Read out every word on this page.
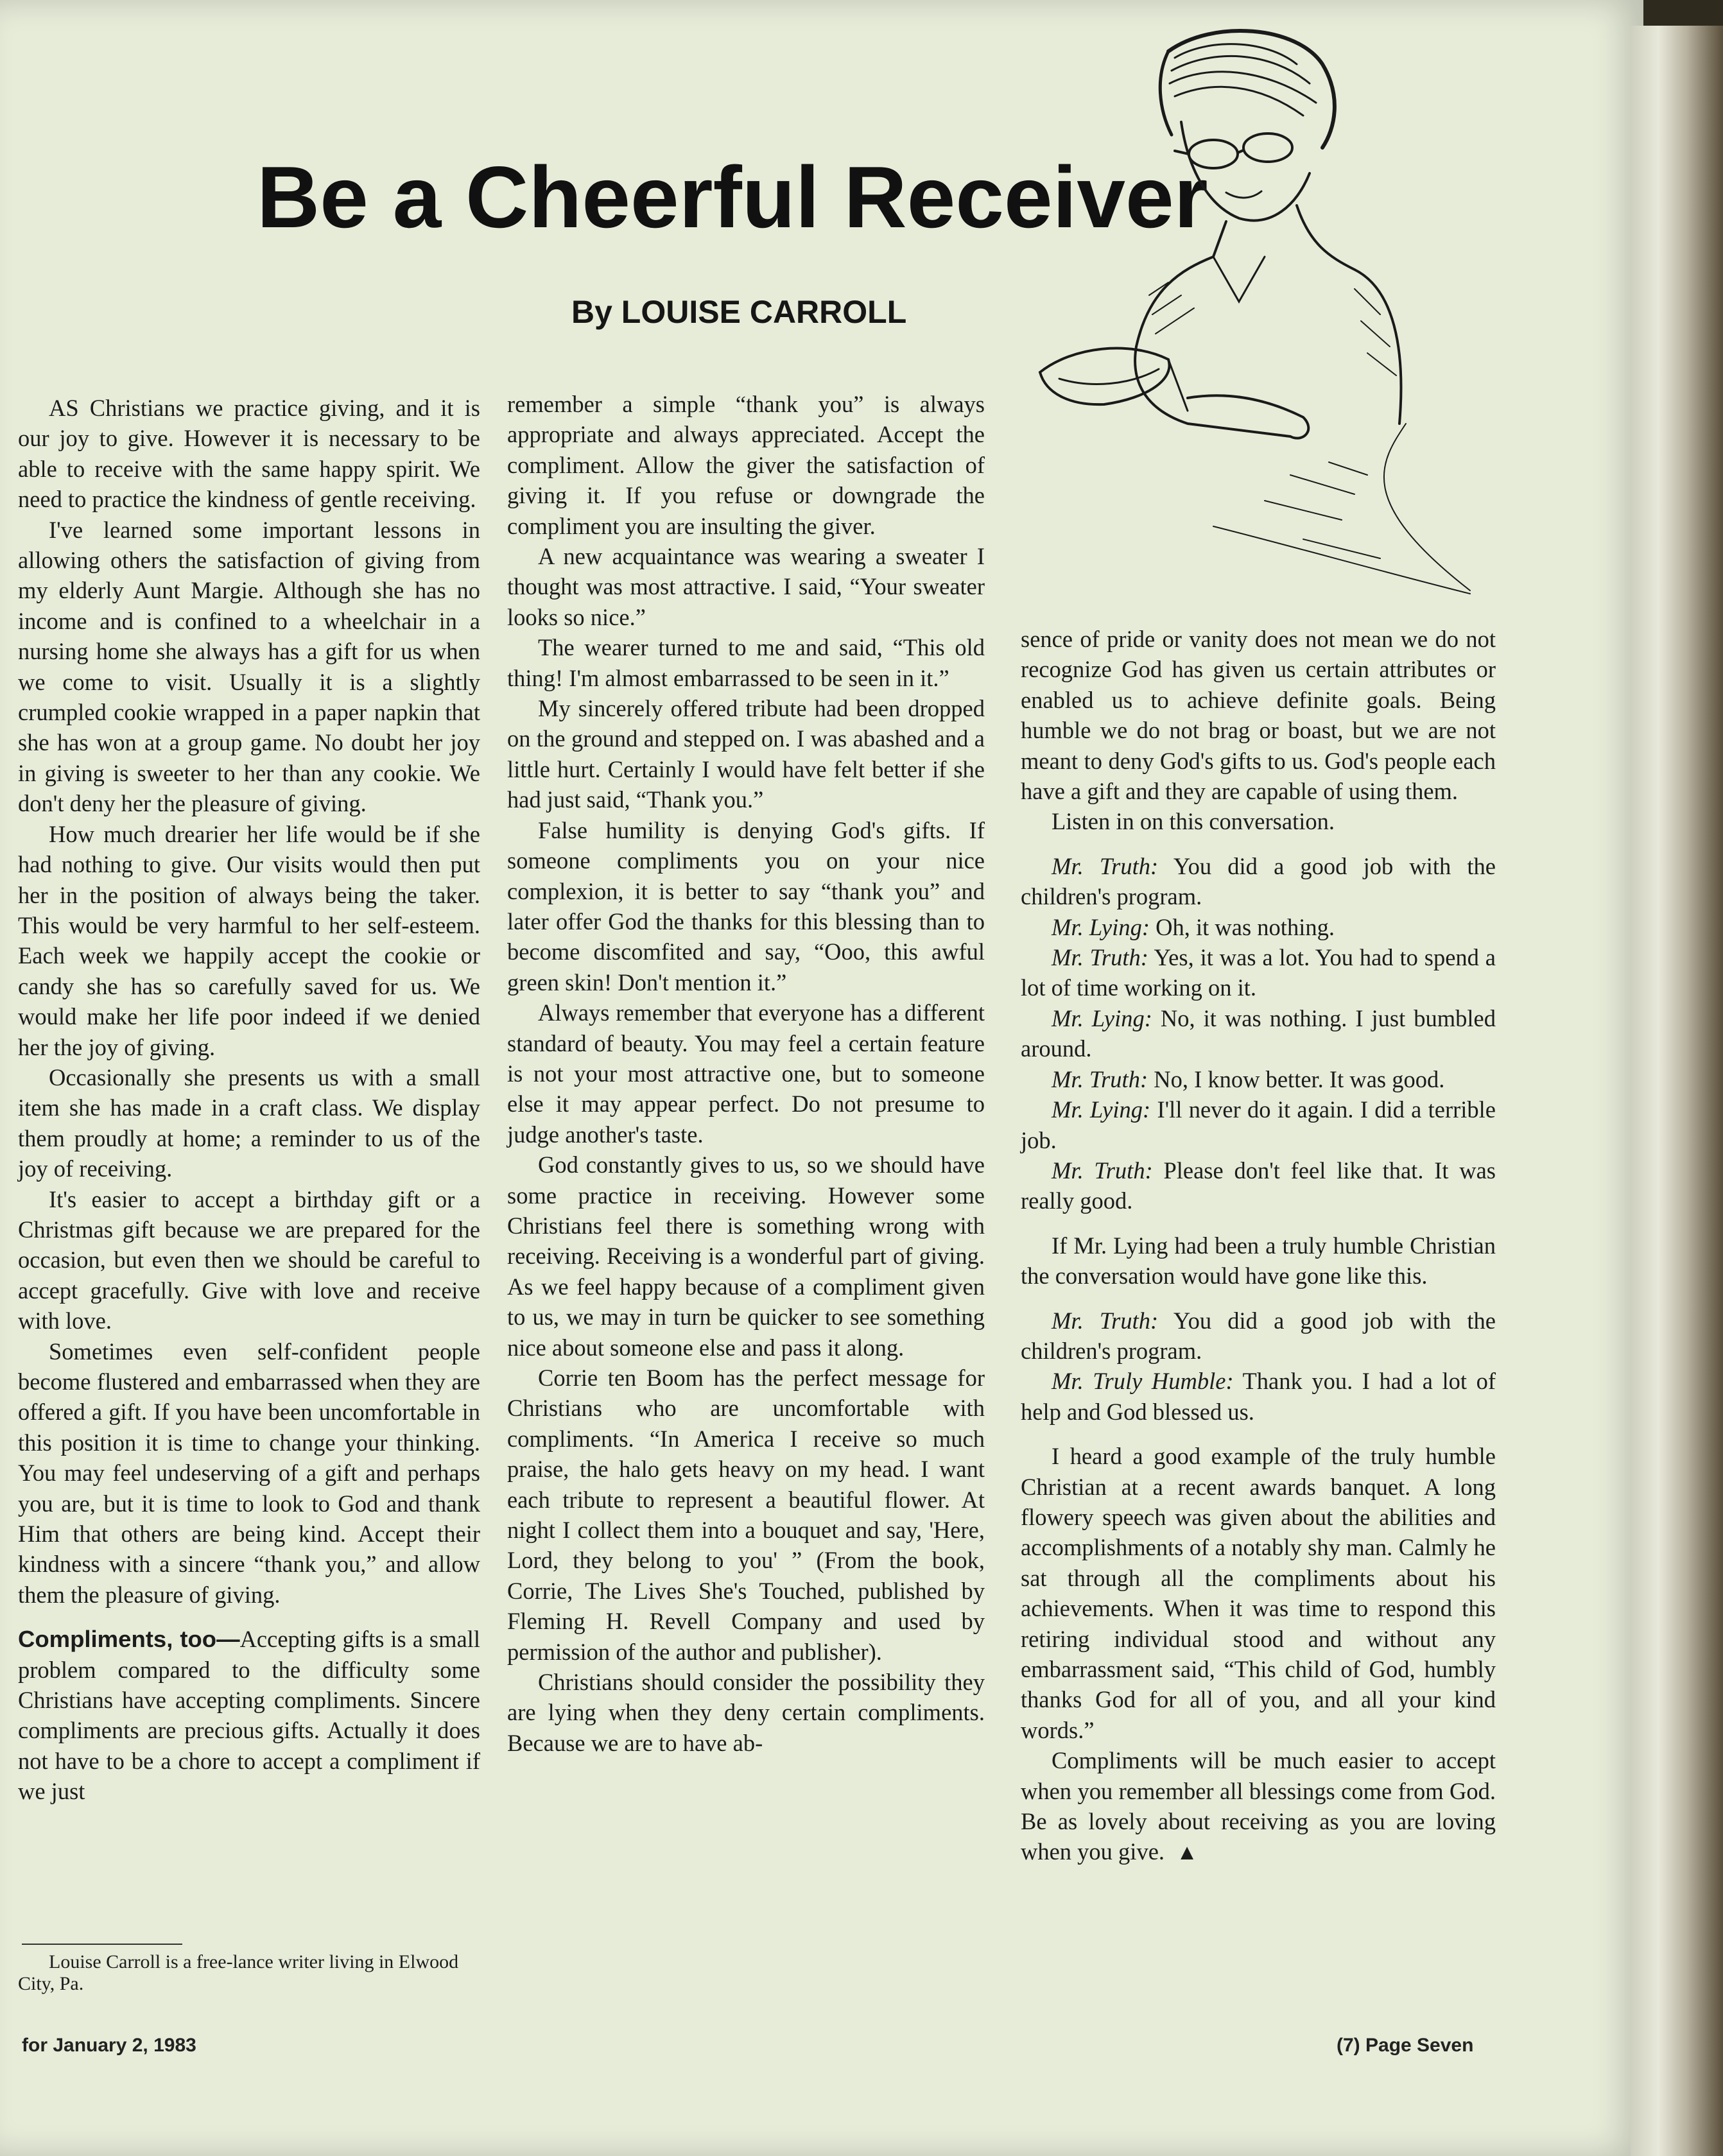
Be a Cheerful Receiver

By LOUISE CARROLL

AS Christians we practice giving, and it is our joy to give. However it is necessary to be able to receive with the same happy spirit. We need to practice the kindness of gentle receiving.

I've learned some important lessons in allowing others the satisfaction of giving from my elderly Aunt Margie. Although she has no income and is confined to a wheelchair in a nursing home she always has a gift for us when we come to visit. Usually it is a slightly crumpled cookie wrapped in a paper napkin that she has won at a group game. No doubt her joy in giving is sweeter to her than any cookie. We don't deny her the pleasure of giving.

How much drearier her life would be if she had nothing to give. Our visits would then put her in the position of always being the taker. This would be very harmful to her self-esteem. Each week we happily accept the cookie or candy she has so carefully saved for us. We would make her life poor indeed if we denied her the joy of giving.

Occasionally she presents us with a small item she has made in a craft class. We display them proudly at home; a reminder to us of the joy of receiving.

It's easier to accept a birthday gift or a Christmas gift because we are prepared for the occasion, but even then we should be careful to accept gracefully. Give with love and receive with love.

Sometimes even self-confident people become flustered and embarrassed when they are offered a gift. If you have been uncomfortable in this position it is time to change your thinking. You may feel undeserving of a gift and perhaps you are, but it is time to look to God and thank Him that others are being kind. Accept their kindness with a sincere “thank you,” and allow them the pleasure of giving.

Compliments, too—Accepting gifts is a small problem compared to the difficulty some Christians have accepting compliments. Sincere compliments are precious gifts. Actually it does not have to be a chore to accept a compliment if we just

Louise Carroll is a free-lance writer living in Elwood City, Pa.

remember a simple “thank you” is always appropriate and always appreciated. Accept the compliment. Allow the giver the satisfaction of giving it. If you refuse or downgrade the compliment you are insulting the giver.

A new acquaintance was wearing a sweater I thought was most attractive. I said, “Your sweater looks so nice.”

The wearer turned to me and said, “This old thing! I'm almost embarrassed to be seen in it.”

My sincerely offered tribute had been dropped on the ground and stepped on. I was abashed and a little hurt. Certainly I would have felt better if she had just said, “Thank you.”

False humility is denying God's gifts. If someone compliments you on your nice complexion, it is better to say “thank you” and later offer God the thanks for this blessing than to become discomfited and say, “Ooo, this awful green skin! Don't mention it.”

Always remember that everyone has a different standard of beauty. You may feel a certain feature is not your most attractive one, but to someone else it may appear perfect. Do not presume to judge another's taste.

God constantly gives to us, so we should have some practice in receiving. However some Christians feel there is something wrong with receiving. Receiving is a wonderful part of giving. As we feel happy because of a compliment given to us, we may in turn be quicker to see something nice about someone else and pass it along.

Corrie ten Boom has the perfect message for Christians who are uncomfortable with compliments. “In America I receive so much praise, the halo gets heavy on my head. I want each tribute to represent a beautiful flower. At night I collect them into a bouquet and say, 'Here, Lord, they belong to you' ” (From the book, Corrie, The Lives She's Touched, published by Fleming H. Revell Company and used by permission of the author and publisher).

Christians should consider the possibility they are lying when they deny certain compliments. Because we are to have ab-

sence of pride or vanity does not mean we do not recognize God has given us certain attributes or enabled us to achieve definite goals. Being humble we do not brag or boast, but we are not meant to deny God's gifts to us. God's people each have a gift and they are capable of using them.

Listen in on this conversation.

Mr. Truth: You did a good job with the children's program.

Mr. Lying: Oh, it was nothing.

Mr. Truth: Yes, it was a lot. You had to spend a lot of time working on it.

Mr. Lying: No, it was nothing. I just bumbled around.

Mr. Truth: No, I know better. It was good.

Mr. Lying: I'll never do it again. I did a terrible job.

Mr. Truth: Please don't feel like that. It was really good.

If Mr. Lying had been a truly humble Christian the conversation would have gone like this.

Mr. Truth: You did a good job with the children's program.

Mr. Truly Humble: Thank you. I had a lot of help and God blessed us.

I heard a good example of the truly humble Christian at a recent awards banquet. A long flowery speech was given about the abilities and accomplishments of a notably shy man. Calmly he sat through all the compliments about his achievements. When it was time to respond this retiring individual stood and without any embarrassment said, “This child of God, humbly thanks God for all of you, and all your kind words.”

Compliments will be much easier to accept when you remember all blessings come from God. Be as lovely about receiving as you are loving when you give. ▲

for January 2, 1983	(7) Page Seven
